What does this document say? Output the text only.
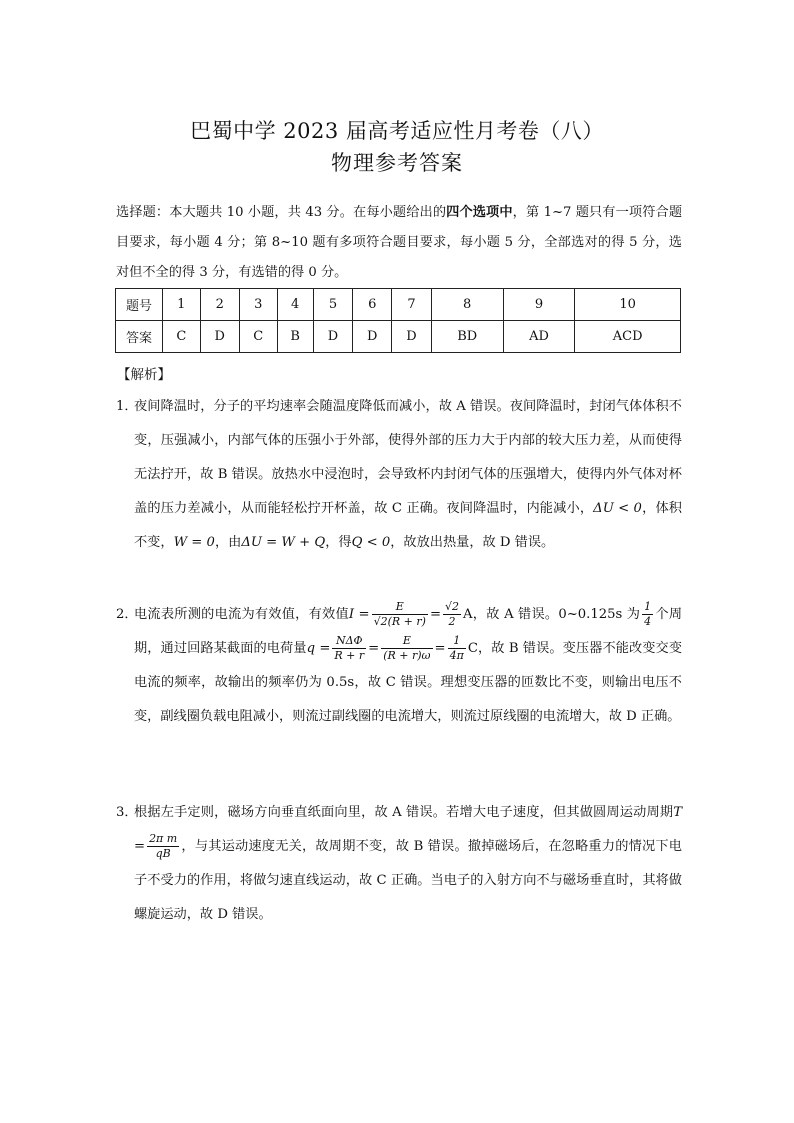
巴蜀中学 2023 届高考适应性月考卷（八）
物理参考答案
选择题：本大题共 10 小题，共 43 分。在每小题给出的四个选项中，第 1~7 题只有一项符合题目要求，每小题 4 分；第 8~10 题有多项符合题目要求，每小题 5 分，全部选对的得 5 分，选对但不全的得 3 分，有选错的得 0 分。
题号	1	2	3	4	5	6	7	8	9	10
答案	C	D	C	B	D	D	D	BD	AD	ACD
【解析】
1．
夜间降温时，分子的平均速率会随温度降低而减小，故 A 错误。夜间降温时，封闭气体体积不变，压强减小，内部气体的压强小于外部，使得外部的压力大于内部的较大压力差，从而使得无法拧开，故 B 错误。放热水中浸泡时，会导致杯内封闭气体的压强增大，使得内外气体对杯盖的压力差减小，从而能轻松拧开杯盖，故 C 正确。夜间降温时，内能减小，ΔU < 0，体积不变，W = 0，由ΔU = W + Q，得Q < 0，故放出热量，故 D 错误。
2．
电流表所测的电流为有效值，有效值$I = \frac{E}{√2(R + r)} = \frac{√2}{2}$ A，故 A 错误。0~0.125s 为 $\frac{1}{4}$ 个周期，通过回路某截面的电荷量$q = \frac{\text{NΔΦ}}{R + r} = \frac{E}{(R + r)\omega} = \frac{1}{4\pi}$ C，故 B 错误。变压器不能改变交变电流的频率，故输出的频率仍为 0.5s，故 C 错误。理想变压器的匝数比不变，则输出电压不变，副线圈负载电阻减小，则流过副线圈的电流增大，则流过原线圈的电流增大，故 D 正确。
3．
根据左手定则，磁场方向垂直纸面向里，故 A 错误。若增大电子速度，但其做圆周运动周期$T = \frac{\text{2π m}}{qB}$ ，与其运动速度无关，故周期不变，故 B 错误。撤掉磁场后，在忽略重力的情况下电子不受力的作用，将做匀速直线运动，故 C 正确。当电子的入射方向不与磁场垂直时，其将做螺旋运动，故 D 错误。
